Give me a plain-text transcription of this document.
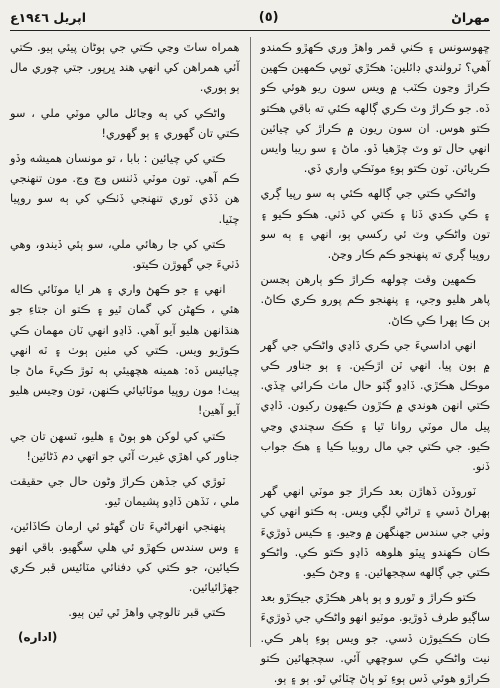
اپريل ١٩٤٦ع	(٥)	مهراڻ

ڇهوسونس ۽ ڪني قمر واهڙ وري ڪهڙو ڪمندو آهي؟ ٽرولندي ڊائلين: هڪڙي ٽوپي ڪمهين ڪهين ڪراڙ وڃون ڪٽب ۾ ويس سون ريو هوئي ڪو ڏه. جو ڪراڙ وٽ ڪري ڳالهه ڪئي ته باقي هڪتو ڪتو هوس. ان سون ريون ۾ ڪراڙ کي چيائين انهي حال تو وٽ چڙهيا ڏو. ماڻ ۽ سو ريبا وايس ڪريائن. ٽون ڪتو ٻوءِ موٽڪي واري ڏي.

واڻڪي ڪتي جي ڳالهه ڪئي ٻه سو رپيا ڳري ۽ ڪي ڪدي ڏٺا ۽ ڪتي کي ڏٺي. هڪو ڪيو ۽ تون واڻڪي وٽ ئي رکسي ٻو، انهي ۽ ٻه سو روپيا ڳري ته پنهنجو ڪم ڪار وڃڻ.

ڪمهين وقت چولهه ڪراڙ ڪو ٻارهن ٻڃسن پاهر هليو وجي، ۽ پنهنجو ڪم پورو ڪري ڪاڻ. ٻن ڪا ٻهرا ڪي ڪاڻ.

انهي اداسيءَ جي ڪري ڏاڍي واڻڪي جي گهر ۾ ٻون پيا. انهي ٽن اڙڪين. ۽ ٻو جناور ڪي موڪل هڪڙي. ڏاڍو ڳٽو حال ماٺ ڪرائي ڇڏي. ڪتي انهن هوندي ۾ ڪڙون ڪيهون رکيون. ڏاڍي پيل مال موٽي روانا ٿيا ۽ ڪڪ سچندي وڃي ڪيو. جي ڪتي جي مال روبيا ڪيا ۽ هڪ جواب ڏنو.

ٽوروڏن ڏهاڙن بعد ڪراڙ جو موٽي انهي گهر ٻهراڻ ڏسي ۽ تراڻي لڳي ويس. ٻه ڪتو انهي کي وٺي جي سندس جهنگهن ۾ وڃيو. ۽ ڪيس ڏوڙيءَ ڪان ڪهندو ڀيٽو هلوهه ڏاڍو ڪتو ڪي. واڻڪو ڪتي جي ڳالهه سچجهائين. ۽ وڃڻ ڪيو.

ڪتو ڪراڙ و ٿورو و ٻو ٻاهر هڪڙي جيڪڙو بعد ساڳيو طرف ڏوڙيو. موٽيو انهو واڻڪي جي ڏوڙيءَ ڪان ڪڪيوڙن ڏسي. جو ويس ٻوءِ ٻاهر ڪي. نيت واڻڪي ڪي سوچهي آئي. سچجهائين ڪتو ڪراڙو هوئي ڏس ٻوءِ ٽو ٻاڻ چٽائي ٿو. ٻو ۽ ٻو.

همراه ساٿ وڃي ڪتي جي ٻوڻان پيئي ٻيو. ڪتي آئي همراهن کي انهي هند ڀرپور. جتي چوري مال ٻو ٻوري.

واڻڪي کي ٻه وڃائل مالي موٽي ملي ، سو ڪتي تان گهوري ۽ ٻو گهوري!

ڪتي کي چيائين : بابا ، تو مونسان هميشه وڏو ڪم آهي. تون موٽي ڏٺنس وڃ وڃ. مون تنهنجي هن ڏڏي ٽوري تنهنجي ڏٺڪي کي ٻه سو روپيا چٽيا.

ڪتي کي جا رهائي ملي، سو ٻئي ڏيندو، وهي ڏٺيءَ جي گهوڙن ڪيتو.

انهي ۽ جو ڪهڻ واري ۽ هر ايا موٽائي ڪاله هئي ، ڪهڻن کي گمان ٿيو ۽ ڪتو ان جتاءِ جو هنڌانهن هليو آيو آهي. ڏاڍو انهي ٽان مهمان ڪي ڪوڙيو ويس. ڪتي کي مٺين ٻوٺ ۽ ٽه انهي چيائيس ڏه: همينه هچهيئي ٻه ٽوڙ ڪيءَ ماڻ جا پيٺ! مون روپيا موٽائيائي ڪنهن، تون وڃيس هليو آيو آهين!

ڪتي کي لوکن هو ٻوڻ ۽ هليو، ٽسهن تان جي جناور کي اهڙي غيرت آئي جو اتهي دم ڏڻائين!

ٽوڙي کي جڏهن ڪراڙ وڻون حال جي حقيقت ملي ، ٽڏهن ڏاڍو پشيمان ٿيو.

پنهنجي انهراڻيءَ تان گهڻو ئي ارمان ڪاڏائين، ۽ وس سندس ڪهڙو ئي هلي سگهيو. باقي انهو ڪيائين، جو ڪتي کي دفنائي مٽائيس قبر ڪري جهڙائيائين.

ڪتي قبر تالوچي واهڙ ٿي ٿين ٻيو.

(اداره)
